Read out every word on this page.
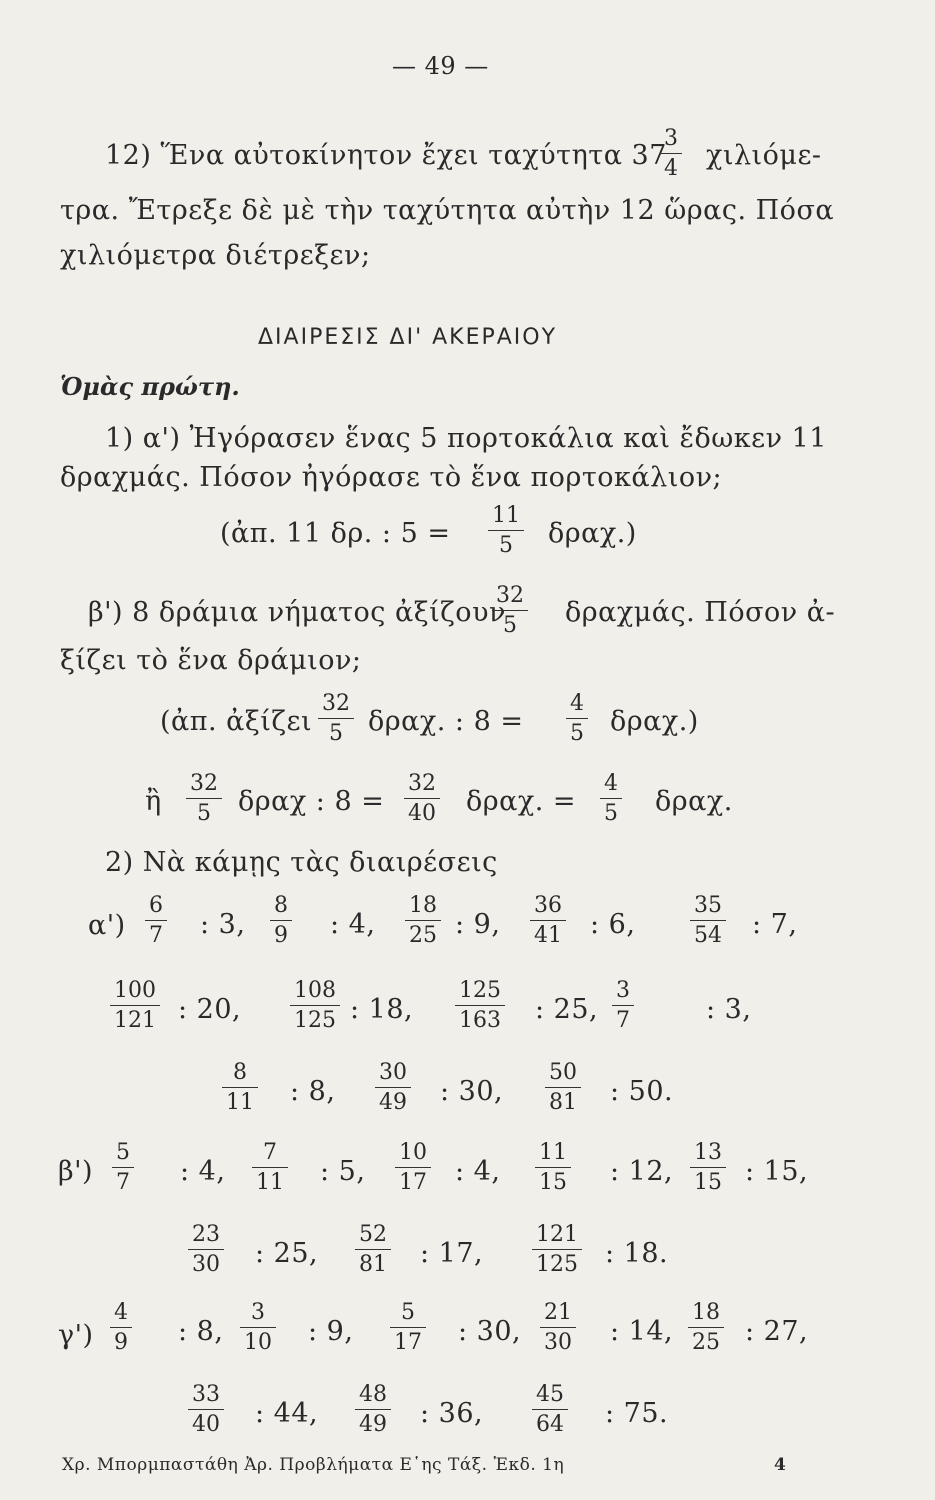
— 49 —
12) Ἕνα αὐτοκίνητον ἔχει ταχύτητα 37
3
4 χιλιόμε-
τρα. Ἔτρεξε δὲ μὲ τὴν ταχύτητα αὐτὴν 12 ὥρας. Πόσα
χιλιόμετρα διέτρεξεν;
ΔΙΑΙΡΕΣΙΣ ΔΙ' ΑΚΕΡΑΙΟΥ
Ὁμὰς πρώτη.
1) α') Ἠγόρασεν ἕνας 5 πορτοκάλια καὶ ἔδωκεν 11
δραχμάς. Πόσον ἠγόρασε τὸ ἕνα πορτοκάλιον;
(ἀπ. 11 δρ. : 5 =
11
5 δραχ.)
β') 8 δράμια νήματος ἀξίζουν
32
5 δραχμάς. Πόσον ἀ-
ξίζει τὸ ἕνα δράμιον;
(ἀπ. ἀξίζει
32
5 δραχ. : 8 =
4
5 δραχ.)
ἢ
32
5 δραχ : 8 =
32
40 δραχ. =
4
5 δραχ.
2) Νὰ κάμῃς τὰς διαιρέσεις
α')
β')
γ')
6
7 : 3,
8
9 : 4,
18
25 : 9,
36
41 : 6,
35
54 : 7,
100
121 : 20,
108
125 : 18,
125
163 : 25,
3
7	: 3,
8
11 : 8,
30
49 : 30,
50
81 : 50.
5
7 : 4,
7
11 : 5,
10
17 : 4,
11
15 : 12,
13
15 : 15,
23
30 : 25,
52
81 : 17,
121
125 : 18.
4
9 : 8,
3
10 : 9,
5
17 : 30,
21
30 : 14,
18
25 : 27,
33
40 : 44,
48
49 : 36,
45
64 : 75.
Χρ. Μπορμπαστάθη Ἀρ. Προβλήματα Ε῾ης Τάξ. Ἐκδ. 1η	4
